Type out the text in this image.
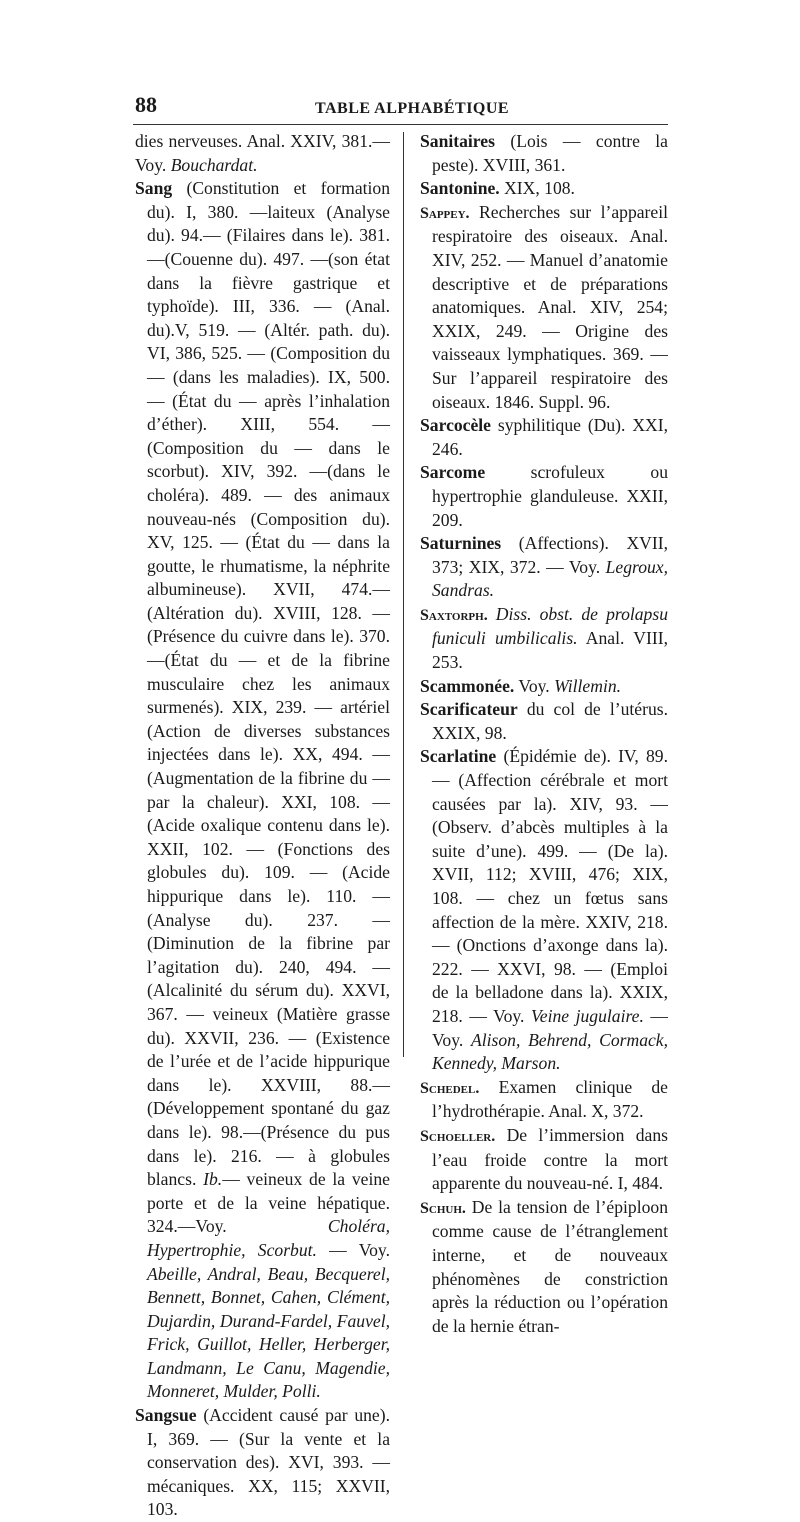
88	TABLE ALPHABÉTIQUE

dies nerveuses. Anal. XXIV, 381.— Voy. Bouchardat.

Sang (Constitution et formation du). I, 380. —laiteux (Analyse du). 94.— (Filaires dans le). 381.—(Couenne du). 497. —(son état dans la fièvre gastrique et typhoïde). III, 336. — (Anal. du).V, 519. — (Altér. path. du). VI, 386, 525. — (Composition du — (dans les maladies). IX, 500. — (État du — après l’inhalation d’éther). XIII, 554. — (Composition du — dans le scorbut). XIV, 392. —(dans le choléra). 489. — des animaux nouveau-nés (Composition du). XV, 125. — (État du — dans la goutte, le rhumatisme, la néphrite albumineuse). XVII, 474.—(Altération du). XVIII, 128. — (Présence du cuivre dans le). 370. —(État du — et de la fibrine musculaire chez les animaux surmenés). XIX, 239. — artériel (Action de diverses substances injectées dans le). XX, 494. — (Augmentation de la fibrine du — par la chaleur). XXI, 108. — (Acide oxalique contenu dans le). XXII, 102. — (Fonctions des globules du). 109. — (Acide hippurique dans le). 110. — (Analyse du). 237. — (Diminution de la fibrine par l’agitation du). 240, 494. — (Alcalinité du sérum du). XXVI, 367. — veineux (Matière grasse du). XXVII, 236. — (Existence de l’urée et de l’acide hippurique dans le). XXVIII, 88.— (Développement spontané du gaz dans le). 98.—(Présence du pus dans le). 216. — à globules blancs. Ib.— veineux de la veine porte et de la veine hépatique. 324.—Voy. Choléra, Hypertrophie, Scorbut. — Voy. Abeille, Andral, Beau, Becquerel, Bennett, Bonnet, Cahen, Clément, Dujardin, Durand-Fardel, Fauvel, Frick, Guillot, Heller, Herberger, Landmann, Le Canu, Magendie, Monneret, Mulder, Polli.

Sangsue (Accident causé par une). I, 369. — (Sur la vente et la conservation des). XVI, 393. — mécaniques. XX, 115; XXVII, 103.

Sanitaires (Lois — contre la peste). XVIII, 361.

Santonine. XIX, 108.

Sappey. Recherches sur l’appareil respiratoire des oiseaux. Anal. XIV, 252. — Manuel d’anatomie descriptive et de préparations anatomiques. Anal. XIV, 254; XXIX, 249. — Origine des vaisseaux lymphatiques. 369. — Sur l’appareil respiratoire des oiseaux. 1846. Suppl. 96.

Sarcocèle syphilitique (Du). XXI, 246.

Sarcome scrofuleux ou hypertrophie glanduleuse. XXII, 209.

Saturnines (Affections). XVII, 373; XIX, 372. — Voy. Legroux, Sandras.

Saxtorph. Diss. obst. de prolapsu funiculi umbilicalis. Anal. VIII, 253.

Scammonée. Voy. Willemin.

Scarificateur du col de l’utérus. XXIX, 98.

Scarlatine (Épidémie de). IV, 89. — (Affection cérébrale et mort causées par la). XIV, 93. — (Observ. d’abcès multiples à la suite d’une). 499. — (De la). XVII, 112; XVIII, 476; XIX, 108. — chez un fœtus sans affection de la mère. XXIV, 218. — (Onctions d’axonge dans la). 222. — XXVI, 98. — (Emploi de la belladone dans la). XXIX, 218. — Voy. Veine jugulaire. — Voy. Alison, Behrend, Cormack, Kennedy, Marson.

Schedel. Examen clinique de l’hydrothérapie. Anal. X, 372.

Schoeller. De l’immersion dans l’eau froide contre la mort apparente du nouveau-né. I, 484.

Schuh. De la tension de l’épiploon comme cause de l’étranglement interne, et de nouveaux phénomènes de constriction après la réduction ou l’opération de la hernie étran-
